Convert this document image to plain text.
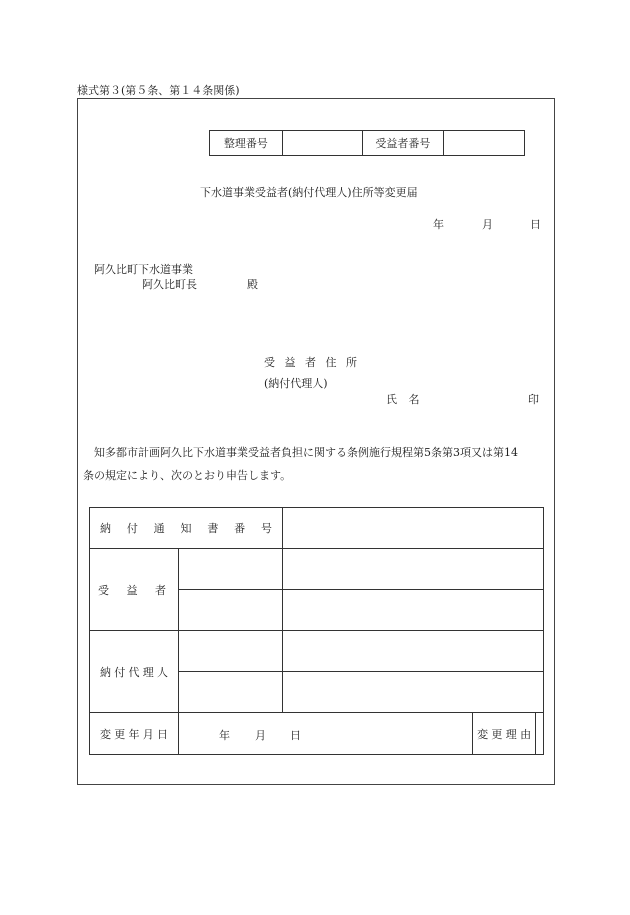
様式第３(第５条、第１４条関係)
整理番号		受益者番号	
下水道事業受益者(納付代理人)住所等変更届
年	月	日
阿久比町下水道事業
阿久比町長	殿
受 益 者 住 所
(納付代理人)
氏 名	印
知多都市計画阿久比下水道事業受益者負担に関する条例施行規程第5条第3項又は第14
条の規定により、次のとおり申告します。
納付通知書番号				

受益者				

納付代理人				

変更年月日	年 月 日		変更理由	
